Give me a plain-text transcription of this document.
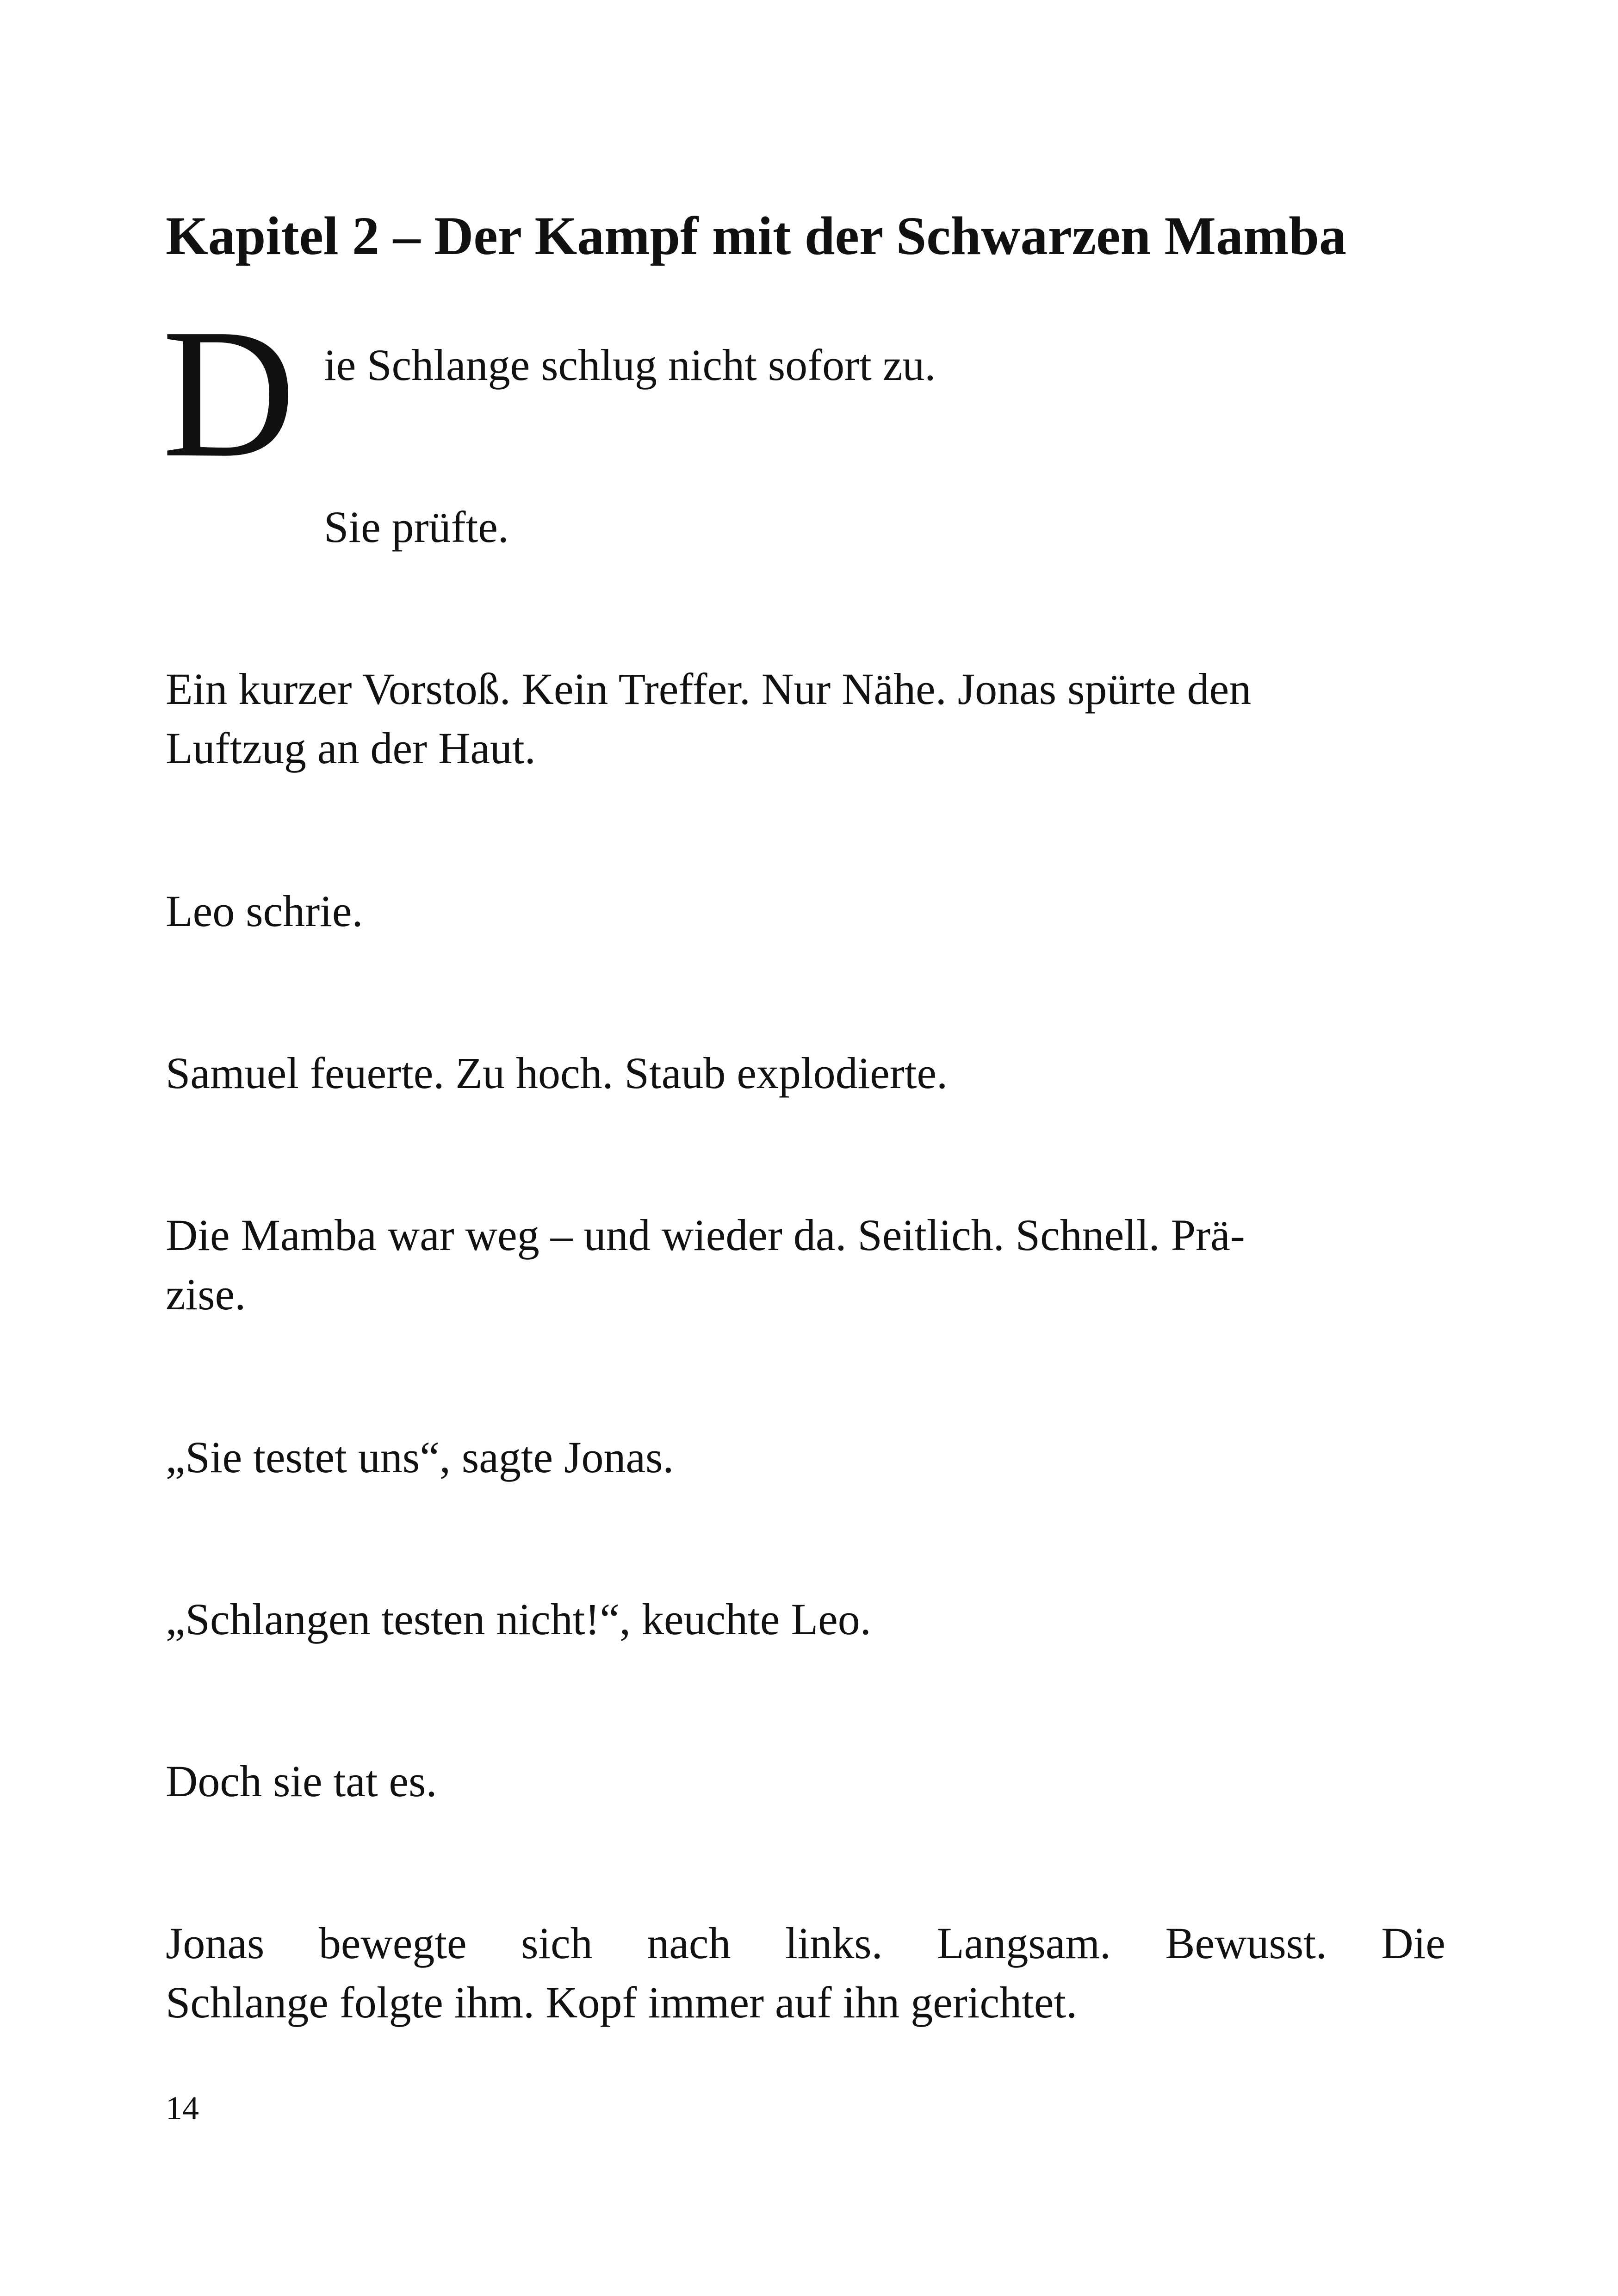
Kapitel 2 – Der Kampf mit der Schwarzen Mamba
D ie Schlange schlug nicht sofort zu.

Sie prüfte.

Ein kurzer Vorstoß. Kein Treffer. Nur Nähe. Jonas spürte den

Luftzug an der Haut.

Leo schrie.

Samuel feuerte. Zu hoch. Staub explodierte.

Die Mamba war weg – und wieder da. Seitlich. Schnell. Prä-

zise.

„Sie testet uns“, sagte Jonas.

„Schlangen testen nicht!“, keuchte Leo.

Doch sie tat es.

Jonas bewegte sich nach links. Langsam. Bewusst. Die

Schlange folgte ihm. Kopf immer auf ihn gerichtet.

14
